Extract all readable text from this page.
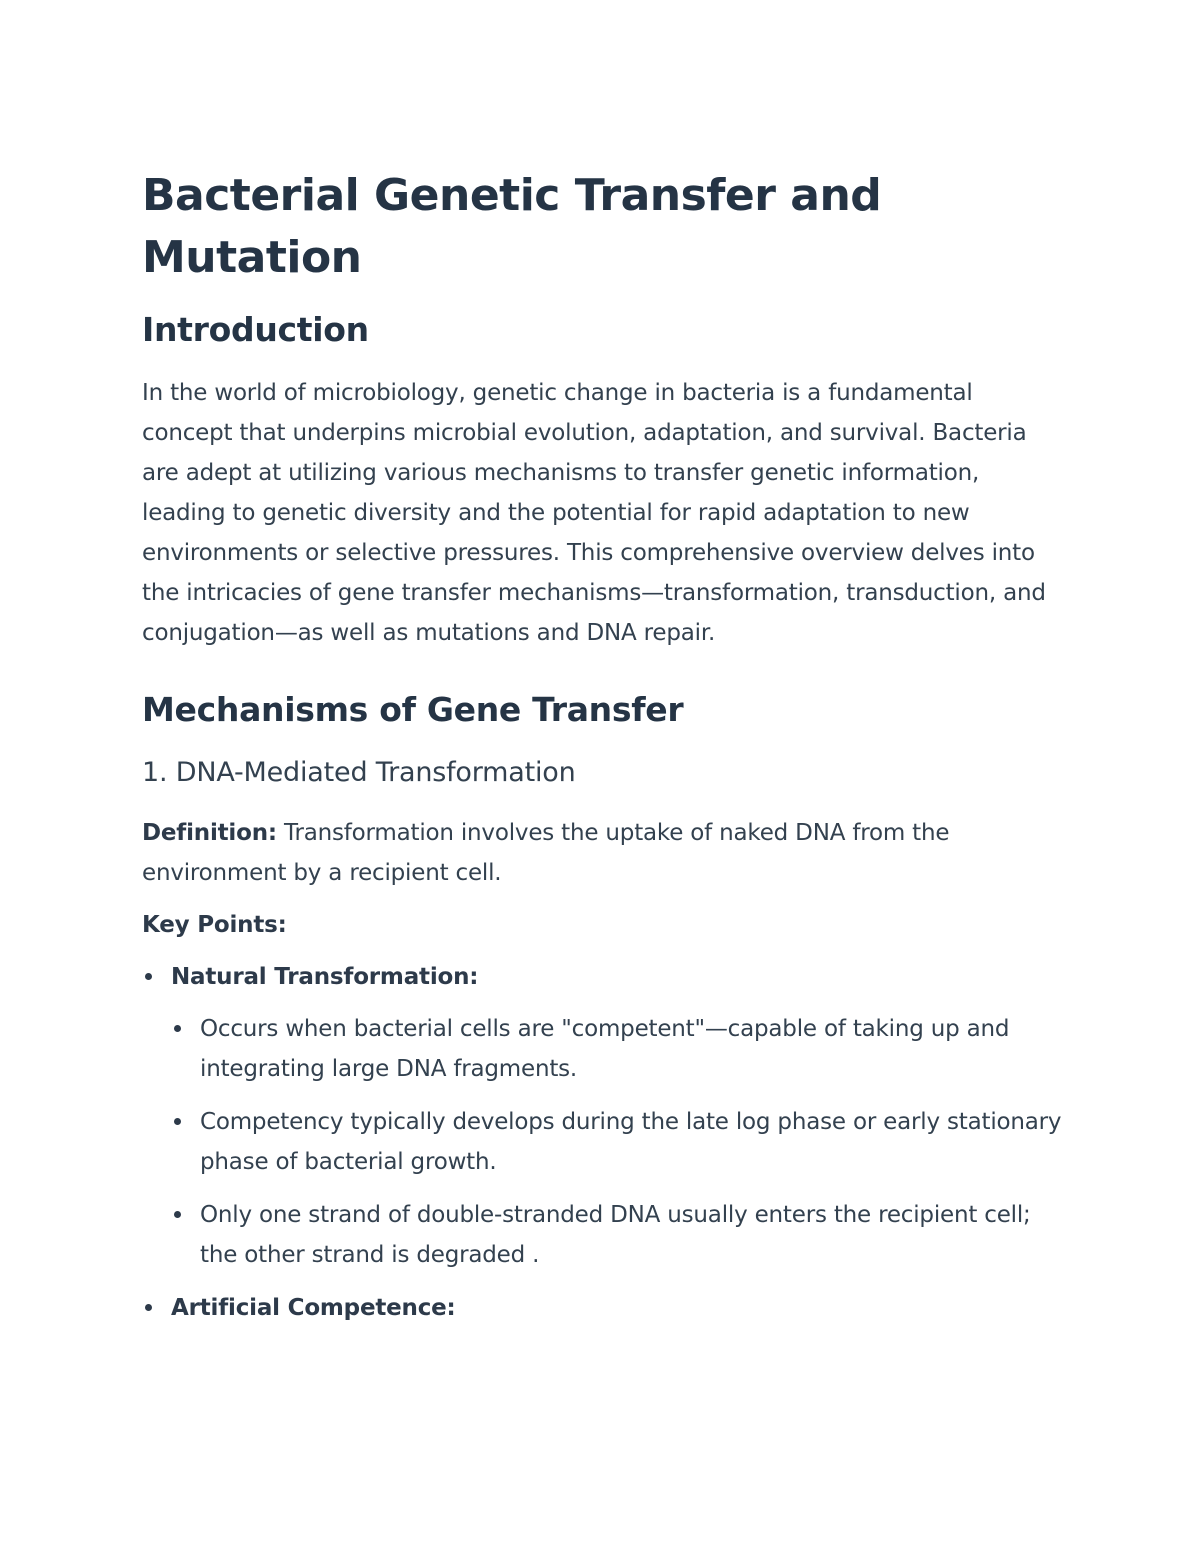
Bacterial Genetic Transfer and Mutation
Introduction

In the world of microbiology, genetic change in bacteria is a fundamental concept that underpins microbial evolution, adaptation, and survival. Bacteria are adept at utilizing various mechanisms to transfer genetic information, leading to genetic diversity and the potential for rapid adaptation to new environments or selective pressures. This comprehensive overview delves into the intricacies of gene transfer mechanisms—transformation, transduction, and conjugation—as well as mutations and DNA repair.

Mechanisms of Gene Transfer
1. DNA-Mediated Transformation

Definition: Transformation involves the uptake of naked DNA from the environment by a recipient cell.

Key Points:

Natural Transformation:
Occurs when bacterial cells are "competent"—capable of taking up and integrating large DNA fragments.
Competency typically develops during the late log phase or early stationary phase of bacterial growth.
Only one strand of double-stranded DNA usually enters the recipient cell; the other strand is degraded .
Artificial Competence:
